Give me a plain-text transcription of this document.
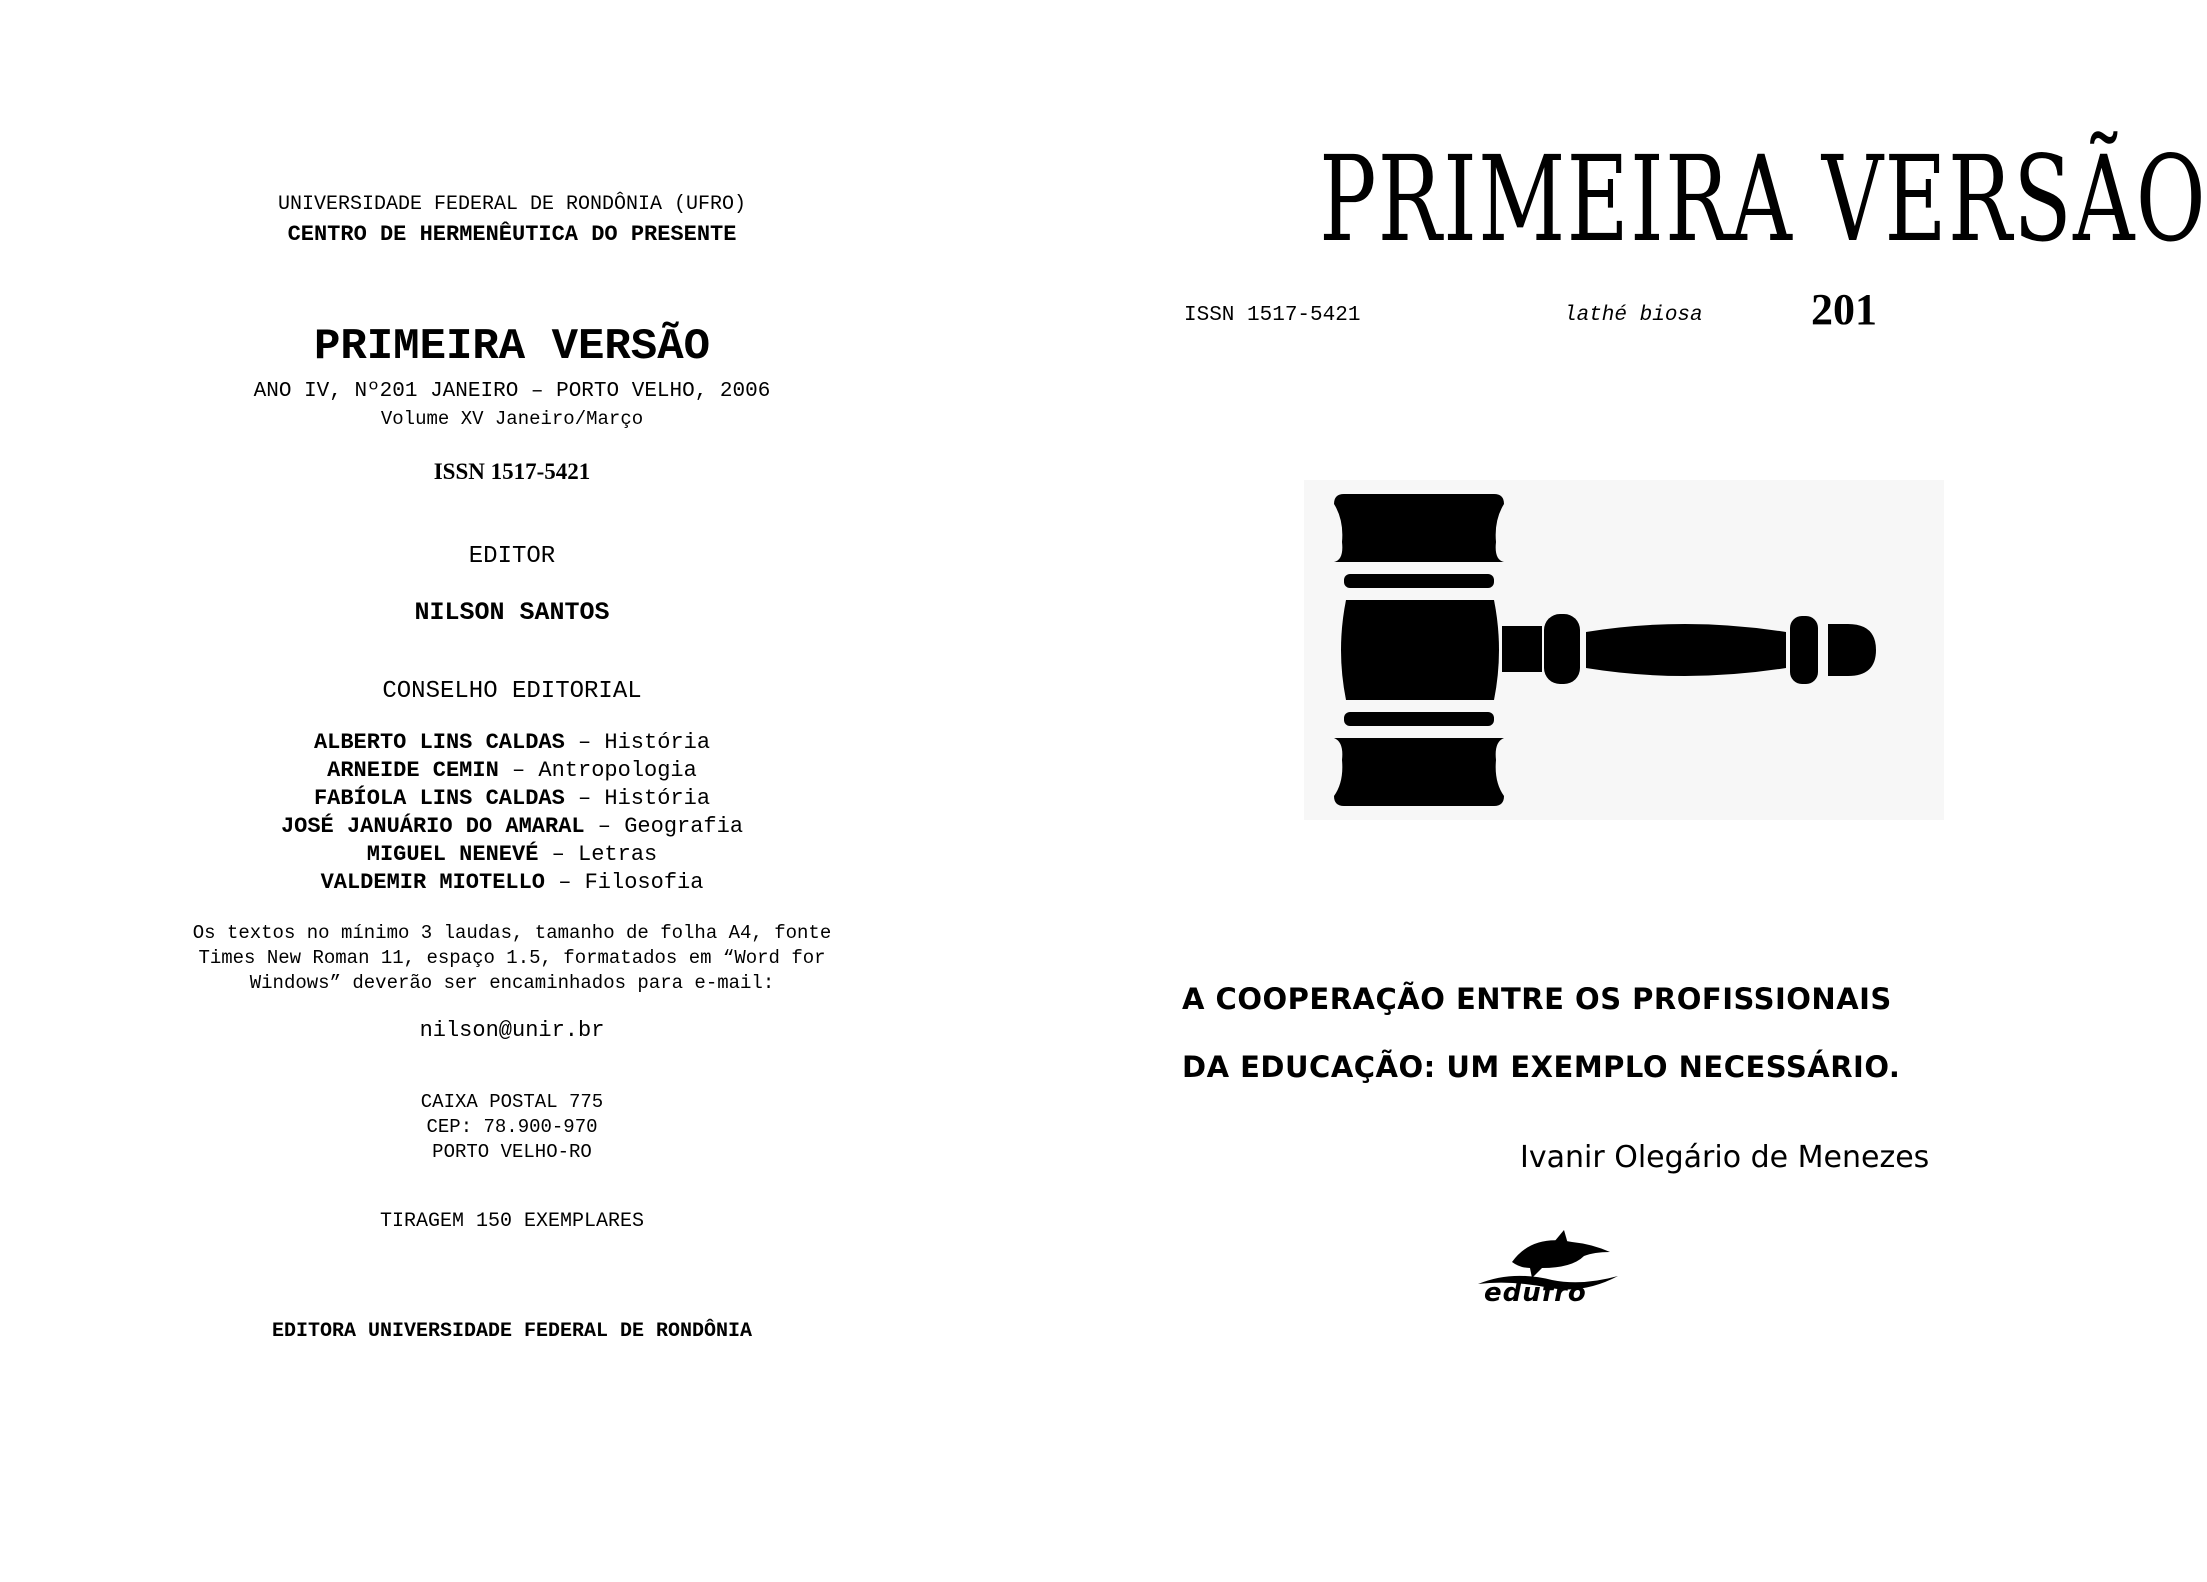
UNIVERSIDADE FEDERAL DE RONDÔNIA (UFRO)
CENTRO DE HERMENÊUTICA DO PRESENTE
PRIMEIRA VERSÃO
ANO IV, Nº201 JANEIRO – PORTO VELHO, 2006
Volume XV Janeiro/Março
ISSN 1517-5421
EDITOR
NILSON SANTOS
CONSELHO EDITORIAL
ALBERTO LINS CALDAS – História
ARNEIDE CEMIN – Antropologia
FABÍOLA LINS CALDAS – História
JOSÉ JANUÁRIO DO AMARAL – Geografia
MIGUEL NENEVÉ – Letras
VALDEMIR MIOTELLO – Filosofia
Os textos no mínimo 3 laudas, tamanho de folha A4, fonte
Times New Roman 11, espaço 1.5, formatados em “Word for
Windows” deverão ser encaminhados para e-mail:
nilson@unir.br
CAIXA POSTAL 775
CEP: 78.900-970
PORTO VELHO-RO
TIRAGEM 150 EXEMPLARES
EDITORA UNIVERSIDADE FEDERAL DE RONDÔNIA
PRIMEIRA VERSÃO
ISSN 1517-5421	lathé biosa 201
A COOPERAÇÃO ENTRE OS PROFISSIONAIS
DA EDUCAÇÃO: UM EXEMPLO NECESSÁRIO.
Ivanir Olegário de Menezes
edufro
